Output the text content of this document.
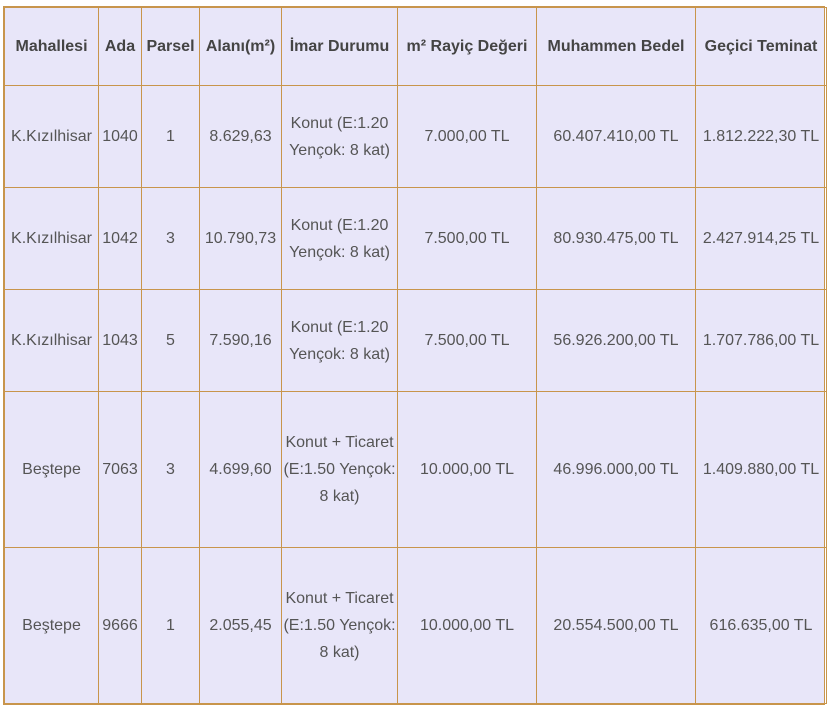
Mahallesi	Ada	Parsel	Alanı(m²)	İmar Durumu	m² Rayiç Değeri	Muhammen Bedel	Geçici Teminat
K.Kızılhisar	1040	1	8.629,63	Konut (E:1.20 Yençok: 8 kat)	7.000,00 TL	60.407.410,00 TL	1.812.222,30 TL
K.Kızılhisar	1042	3	10.790,73	Konut (E:1.20 Yençok: 8 kat)	7.500,00 TL	80.930.475,00 TL	2.427.914,25 TL
K.Kızılhisar	1043	5	7.590,16	Konut (E:1.20 Yençok: 8 kat)	7.500,00 TL	56.926.200,00 TL	1.707.786,00 TL
Beştepe	7063	3	4.699,60	Konut + Ticaret (E:1.50 Yençok: 8 kat)	10.000,00 TL	46.996.000,00 TL	1.409.880,00 TL
Beştepe	9666	1	2.055,45	Konut + Ticaret (E:1.50 Yençok: 8 kat)	10.000,00 TL	20.554.500,00 TL	616.635,00 TL
